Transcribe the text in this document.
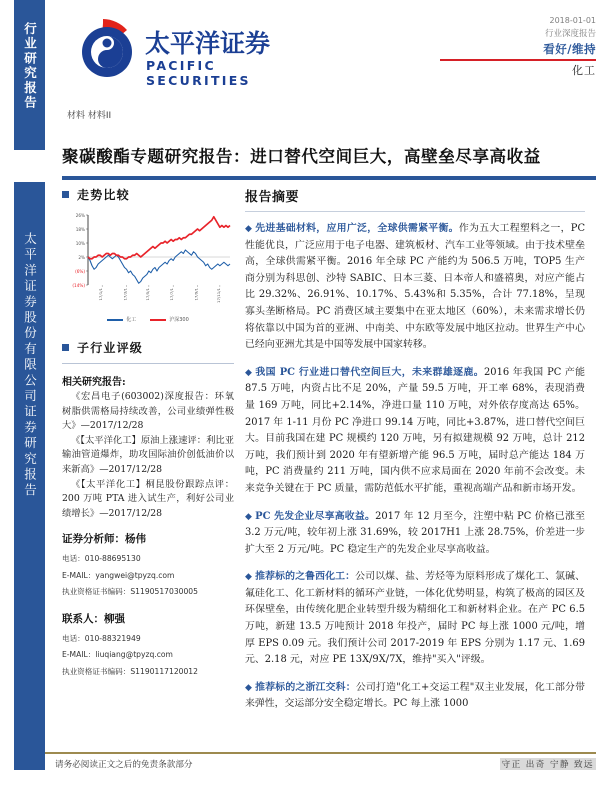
行业研究报告
太平洋证券股份有限公司证券研究报告
太平洋证券
PACIFIC SECURITIES
2018-01-01
行业深度报告
看好/维持
化工
材料 材料II
聚碳酸酯专题研究报告：进口替代空间巨大，高壁垒尽享高收益
走势比较
26%
18%
10%
2%
(6%)
(14%)
17/1/1	17/3/1	17/5/1	17/7/1	17/9/1	17/11/1
化工	沪深300
子行业评级
相关研究报告:
《宏昌电子(603002)深度报告：环氧树脂供需格局持续改善，公司业绩弹性极大》—2017/12/28
《【太平洋化工】原油上涨速评：利比亚输油管道爆炸，助攻国际油价创低油价以来新高》—2017/12/28
《【太平洋化工】桐昆股份跟踪点评：200 万吨 PTA 进入试生产，利好公司业绩增长》—2017/12/28
证券分析师：杨伟
电话：010-88695130
E-MAIL：yangwei@tpyzq.com
执业资格证书编码：S1190517030005
联系人：柳强
电话：010-88321949
E-MAIL：liuqiang@tpyzq.com
执业资格证书编码：S1190117120012
报告摘要
◆ 先进基础材料，应用广泛，全球供需紧平衡。作为五大工程塑料之一，PC 性能优良，广泛应用于电子电器、建筑板材、汽车工业等领域。由于技术壁垒高，全球供需紧平衡。2016 年全球 PC 产能约为 506.5 万吨，TOP5 生产商分别为科思创、沙特 SABIC、日本三菱、日本帝人和盛禧奥，对应产能占比 29.32%、26.91%、10.17%、5.43%和 5.35%，合计 77.18%，呈现寡头垄断格局。PC 消费区域主要集中在亚太地区（60%），未来需求增长仍将依靠以中国为首的亚洲、中南美、中东欧等发展中地区拉动。世界生产中心已经向亚洲尤其是中国等发展中国家转移。
◆ 我国 PC 行业进口替代空间巨大，未来群雄逐鹿。2016 年我国 PC 产能 87.5 万吨，内资占比不足 20%，产量 59.5 万吨，开工率 68%，表现消费量 169 万吨，同比+2.14%，净进口量 110 万吨，对外依存度高达 65%。2017 年 1-11 月份 PC 净进口 99.14 万吨，同比+3.87%，进口替代空间巨大。目前我国在建 PC 规模约 120 万吨，另有拟建规模 92 万吨，总计 212 万吨，我们预计到 2020 年有望新增产能 96.5 万吨，届时总产能达 184 万吨，PC 消费量约 211 万吨，国内供不应求局面在 2020 年前不会改变。未来竞争关键在于 PC 质量，需防范低水平扩能，重视高端产品和新市场开发。
◆ PC 先发企业尽享高收益。2017 年 12 月至今，注塑中粘 PC 价格已涨至 3.2 万元/吨，较年初上涨 31.69%，较 2017H1 上涨 28.75%，价差进一步扩大至 2 万元/吨。PC 稳定生产的先发企业尽享高收益。
◆ 推荐标的之鲁西化工：公司以煤、盐、芳烃等为原料形成了煤化工、氯碱、氟硅化工、化工新材料的循环产业链，一体化优势明显，构筑了极高的园区及环保壁垒，由传统化肥企业转型升级为精细化工和新材料企业。在产 PC 6.5 万吨，新建 13.5 万吨预计 2018 年投产，届时 PC 每上涨 1000 元/吨，增厚 EPS 0.09 元。我们预计公司 2017-2019 年 EPS 分别为 1.17 元、1.69 元、2.18 元，对应 PE 13X/9X/7X，维持"买入"评级。
◆ 推荐标的之浙江交科：公司打造"化工+交运工程"双主业发展，化工部分带来弹性，交运部分安全稳定增长。PC 每上涨 1000
请务必阅读正文之后的免责条款部分	守正 出奇 宁静 致远
